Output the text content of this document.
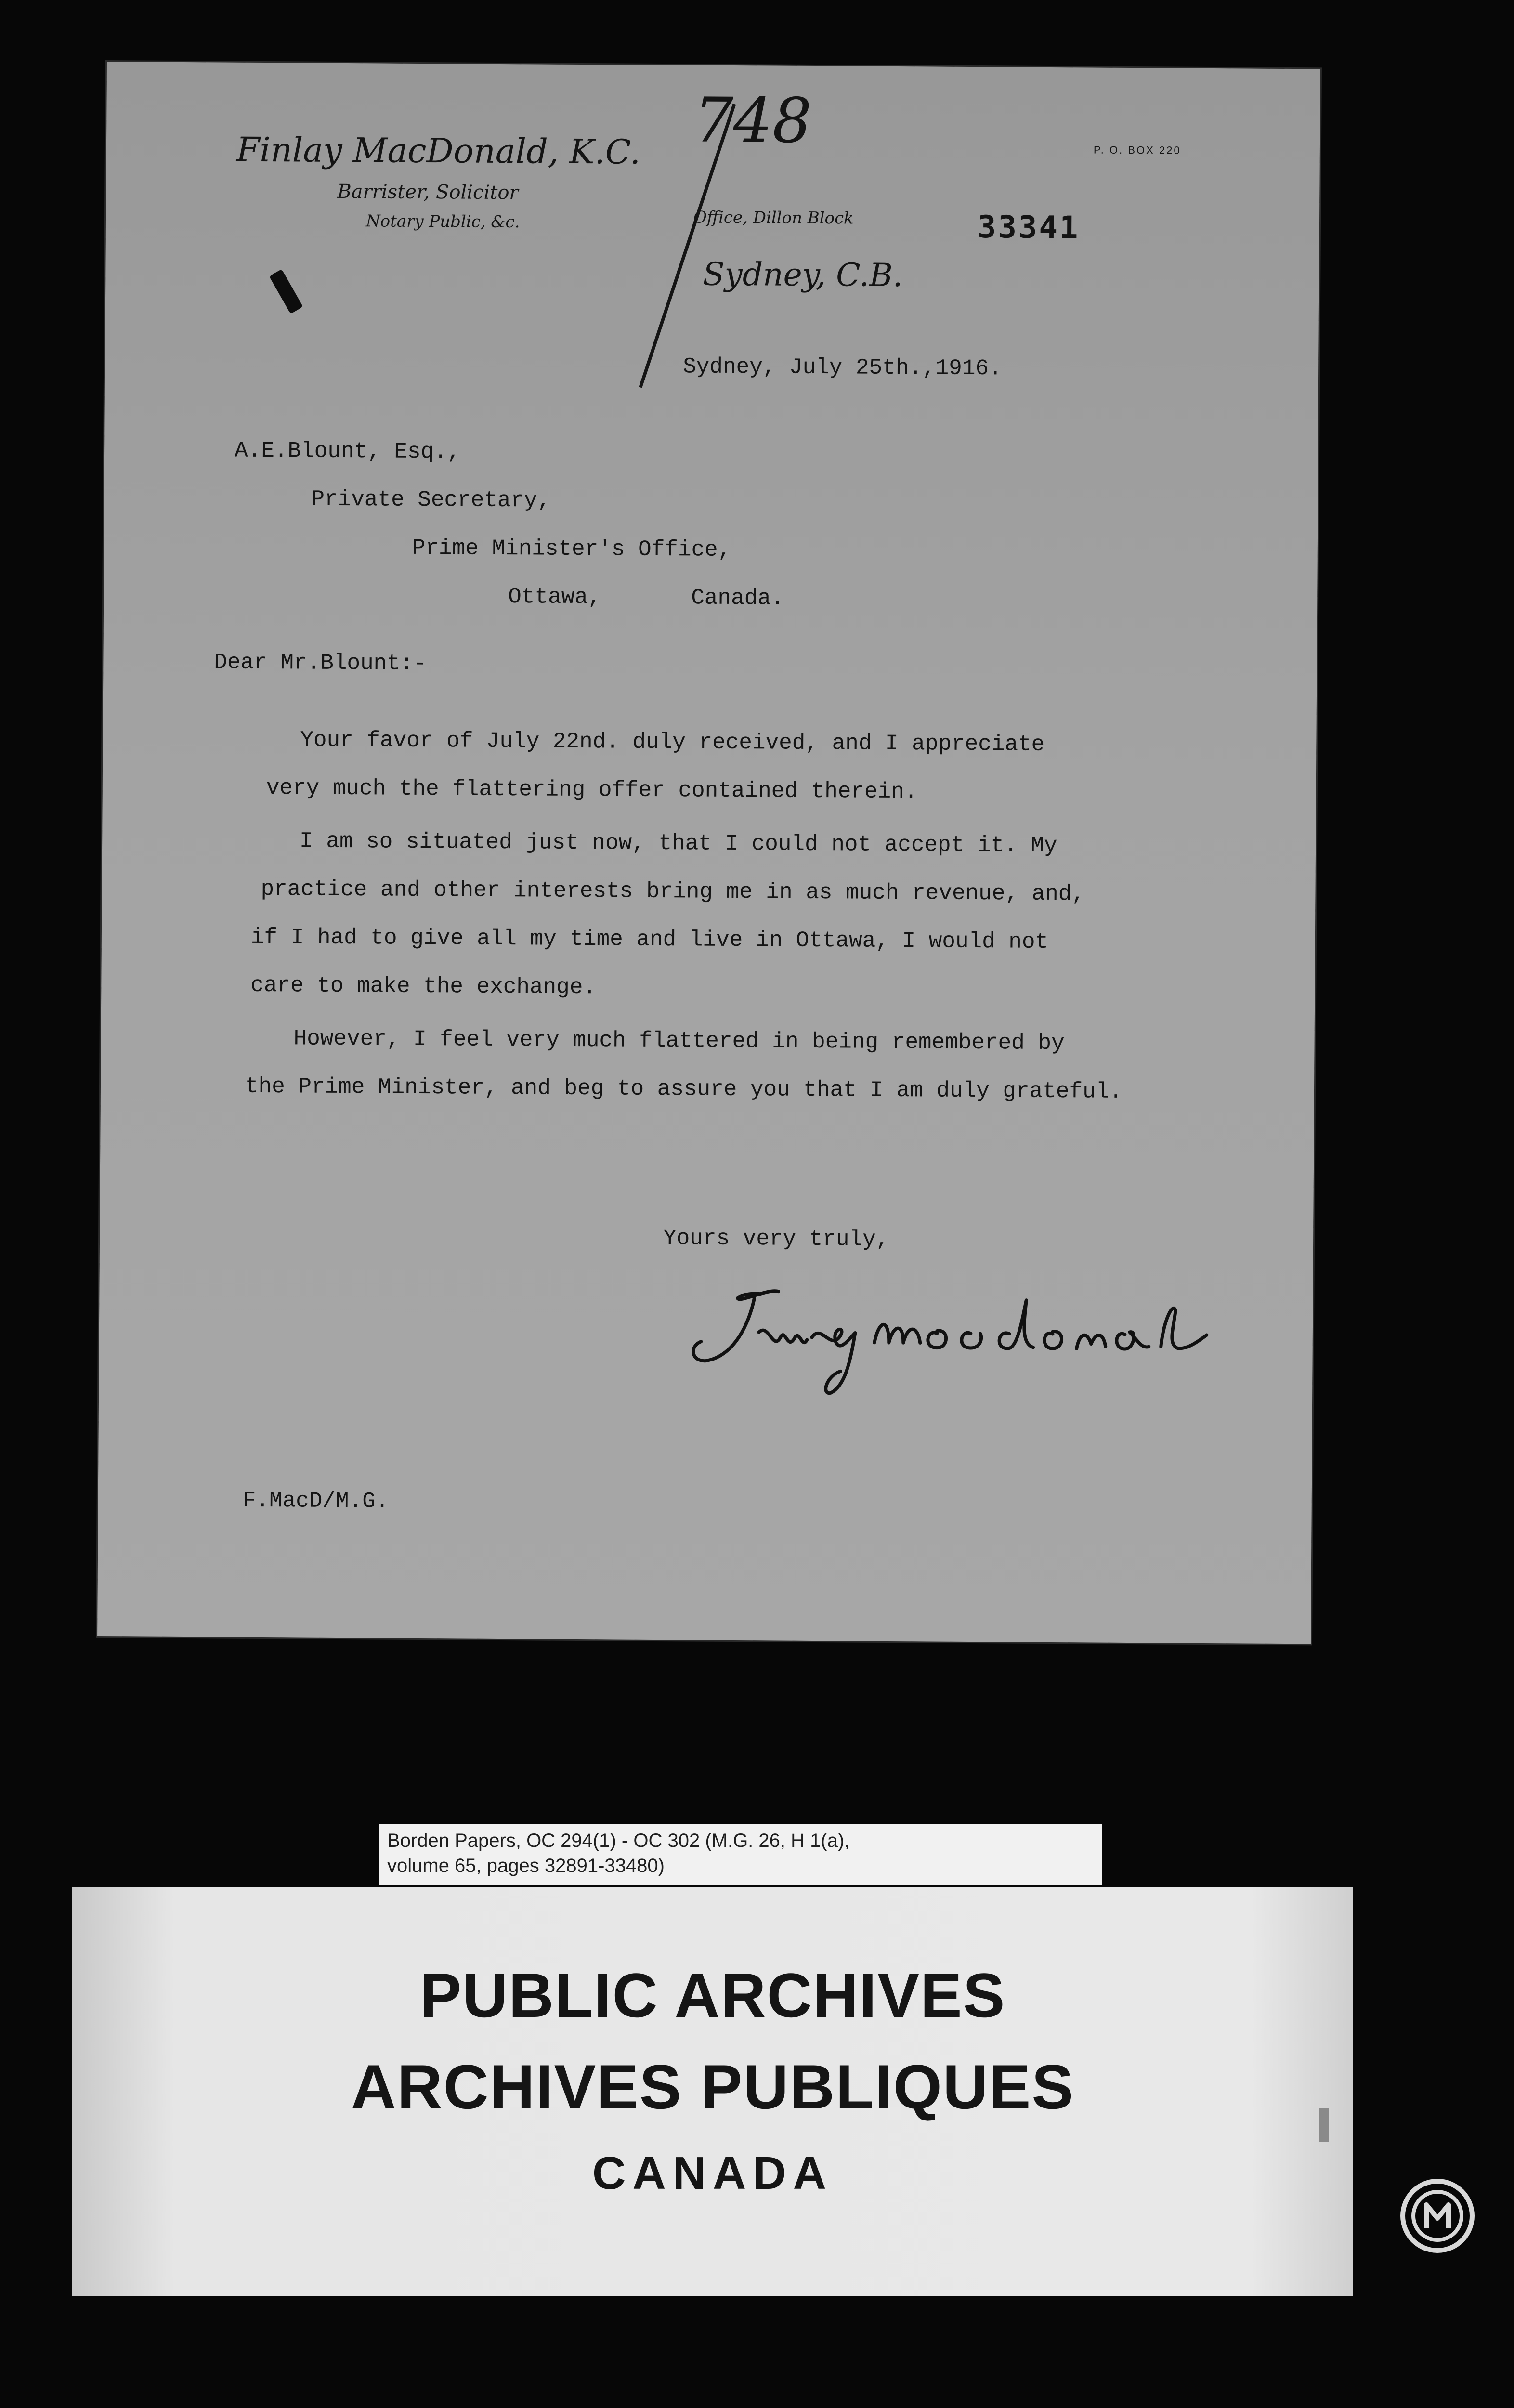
Finlay MacDonald, K.C.
Barrister, Solicitor
Notary Public, &c.	Office, Dillon Block
Sydney, C.B.
P. O. BOX 220
748
33341
Sydney, July 25th.,1916.
A.E.Blount, Esq.,
Private Secretary,
Prime Minister's Office,
Ottawa,	Canada.
Dear Mr.Blount:-
Your favor of July 22nd. duly received, and I appreciate
very much the flattering offer contained therein.
I am so situated just now, that I could not accept it. My
practice and other interests bring me in as much revenue, and,
if I had to give all my time and live in Ottawa, I would not
care to make the exchange.
However, I feel very much flattered in being remembered by
the Prime Minister, and beg to assure you that I am duly grateful.
Yours very truly,
F.MacD/M.G.
Borden Papers, OC 294(1) - OC 302 (M.G. 26, H 1(a),
volume 65, pages 32891-33480)
PUBLIC ARCHIVES
ARCHIVES PUBLIQUES
CANADA
